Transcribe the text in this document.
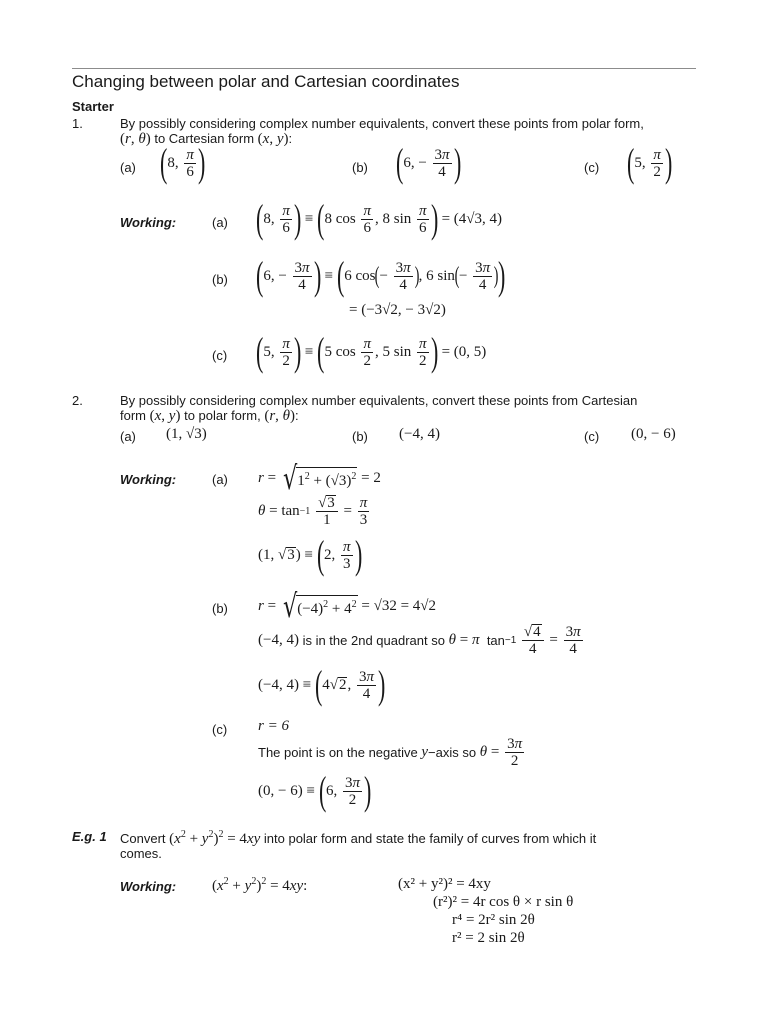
Changing between polar and Cartesian coordinates
Starter
1.	By possibly considering complex number equivalents, convert these points from polar form,
(r, θ) to Cartesian form (x, y):
(a) ( 8, $\frac{\pi}{6}$ )	(b) ( 6, − $\frac{3\pi}{4}$ )	(c) ( 5, $\frac{\pi}{2}$ )
Working:	(a) ( 8, $\frac{\pi}{6}$ ) ≡ ( 8 $\cos \frac{\pi}{6}$ , 8 $\sin \frac{\pi}{6}$ )
= (4√3, 4)
(b) ( 6, − $\frac{3\pi}{4}$ ) ≡ ( 6 cos ( − $\frac{3\pi}{4}$ ) , 6 sin ( − $\frac{3\pi}{4}$ ) )
= (−3√2, − 3√2)
(c) ( 5, $\frac{\pi}{2}$ ) ≡ ( 5 $\cos \frac{\pi}{2}$ , 5 $\sin \frac{\pi}{2}$ )
= (0, 5)
2.	By possibly considering complex number equivalents, convert these points from Cartesian
form (x, y) to polar form, (r, θ):
(a) (1, √3)	(b) (−4, 4)	(c) (0, − 6)
Working:	(a) r = √ $1^2 + (√3)^2$
= 2
θ = tan −1
$\frac{√3}{1} = \frac{\pi}{3}$
(1, √ 3 ) ≡ ( 2, $\frac{\pi}{3}$ )
(b) r = √ $(-4)^2 + 4^2$
= √32 = 4√2
(−4, 4)
is in the 2nd quadrant so
θ = π tan −1
$\frac{√4}{4} = \frac{3\pi}{4}$
(−4, 4) ≡ ( 4√ 2 , $\frac{3\pi}{4}$ )
(c) r = 6
The point is on the negative
y −axis so
$\theta = \frac{3\pi}{2}$
(0, − 6) ≡ ( 6, $\frac{3\pi}{2}$ )
E.g. 1 Convert $(x^2 + y^2)^2 = 4xy$ into polar form and state the family of curves from which it
comes.
Working: $(x^2 + y^2)^2 = 4xy$:	(x² + y²)² = 4xy
(r²)² = 4r cos θ × r sin θ
r⁴ = 2r² sin 2θ
r² = 2 sin 2θ
